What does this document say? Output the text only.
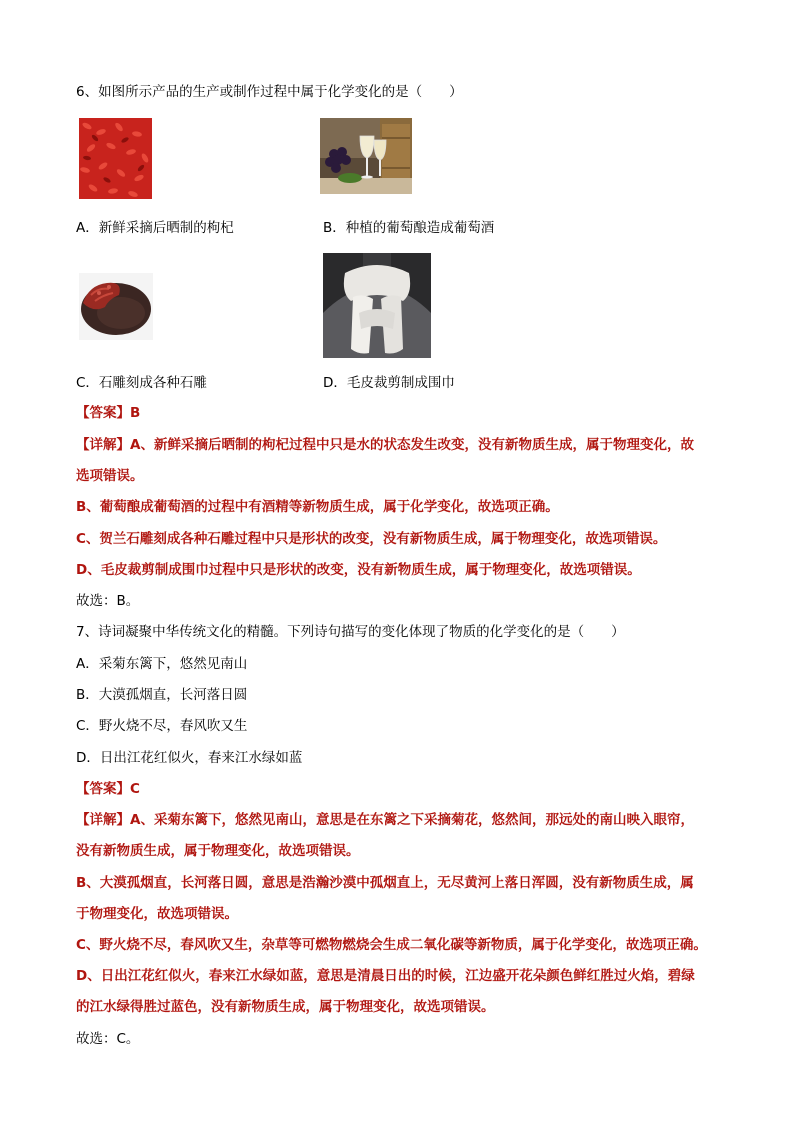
6、如图所示产品的生产或制作过程中属于化学变化的是（　　）
A．新鲜采摘后晒制的枸杞	B．种植的葡萄酿造成葡萄酒
C．石雕刻成各种石雕	D．毛皮裁剪制成围巾
【答案】B
【详解】A、新鲜采摘后晒制的枸杞过程中只是水的状态发生改变，没有新物质生成，属于物理变化，故
选项错误。
B、葡萄酿成葡萄酒的过程中有酒精等新物质生成，属于化学变化，故选项正确。
C、贺兰石雕刻成各种石雕过程中只是形状的改变，没有新物质生成，属于物理变化，故选项错误。
D、毛皮裁剪制成围巾过程中只是形状的改变，没有新物质生成，属于物理变化，故选项错误。
故选：B。
7、诗词凝聚中华传统文化的精髓。下列诗句描写的变化体现了物质的化学变化的是（　　）
A．采菊东篱下，悠然见南山
B．大漠孤烟直，长河落日圆
C．野火烧不尽，春风吹又生
D．日出江花红似火，春来江水绿如蓝
【答案】C
【详解】A、采菊东篱下，悠然见南山，意思是在东篱之下采摘菊花，悠然间，那远处的南山映入眼帘，
没有新物质生成，属于物理变化，故选项错误。
B、大漠孤烟直，长河落日圆，意思是浩瀚沙漠中孤烟直上，无尽黄河上落日浑圆，没有新物质生成，属
于物理变化，故选项错误。
C、野火烧不尽，春风吹又生，杂草等可燃物燃烧会生成二氧化碳等新物质，属于化学变化，故选项正确。
D、日出江花红似火，春来江水绿如蓝，意思是清晨日出的时候，江边盛开花朵颜色鲜红胜过火焰，碧绿
的江水绿得胜过蓝色，没有新物质生成，属于物理变化，故选项错误。
故选：C。
